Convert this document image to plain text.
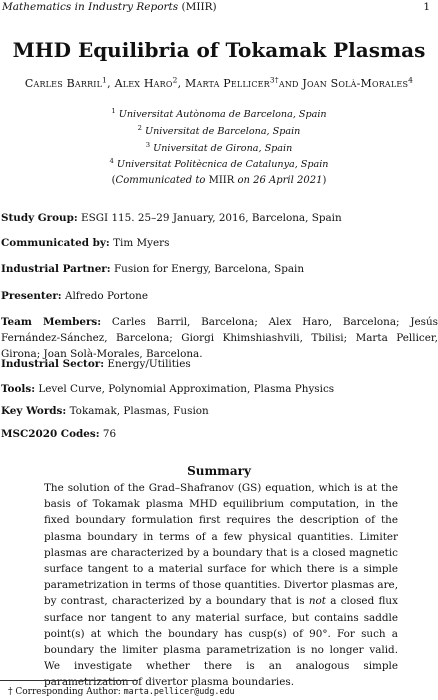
Mathematics in Industry Reports (MIIR)	1
MHD Equilibria of Tokamak Plasmas
Carles Barril$^1$, Alex Haro$^2$, Marta Pellicer$^{3\dagger}$and Joan Solà-Morales$^4$
$^1$ Universitat Autònoma de Barcelona, Spain
$^2$ Universitat de Barcelona, Spain
$^3$ Universitat de Girona, Spain
$^4$ Universitat Politècnica de Catalunya, Spain
(Communicated to MIIR on 26 April 2021)
Study Group: ESGI 115. 25–29 January, 2016, Barcelona, Spain
Communicated by: Tim Myers
Industrial Partner: Fusion for Energy, Barcelona, Spain
Presenter: Alfredo Portone
Team Members: Carles Barril, Barcelona; Alex Haro, Barcelona; Jesús Fernández-Sánchez, Barcelona; Giorgi Khimshiashvili, Tbilisi; Marta Pellicer, Girona; Joan Solà-Morales, Barcelona.
Industrial Sector: Energy/Utilities
Tools: Level Curve, Polynomial Approximation, Plasma Physics
Key Words: Tokamak, Plasmas, Fusion
MSC2020 Codes: 76
Summary

The solution of the Grad–Shafranov (GS) equation, which is at the basis of Tokamak plasma MHD equilibrium computation, in the fixed boundary formulation first requires the description of the plasma boundary in terms of a few physical quantities. Limiter plasmas are characterized by a boundary that is a closed magnetic surface tangent to a material surface for which there is a simple parametrization in terms of those quantities. Divertor plasmas are, by contrast, characterized by a boundary that is not a closed flux surface nor tangent to any material surface, but contains saddle point(s) at which the boundary has cusp(s) of 90°. For such a boundary the limiter plasma parametrization is no longer valid. We investigate whether there is an analogous simple parametrization of divertor plasma boundaries.

† Corresponding Author: marta.pellicer@udg.edu
